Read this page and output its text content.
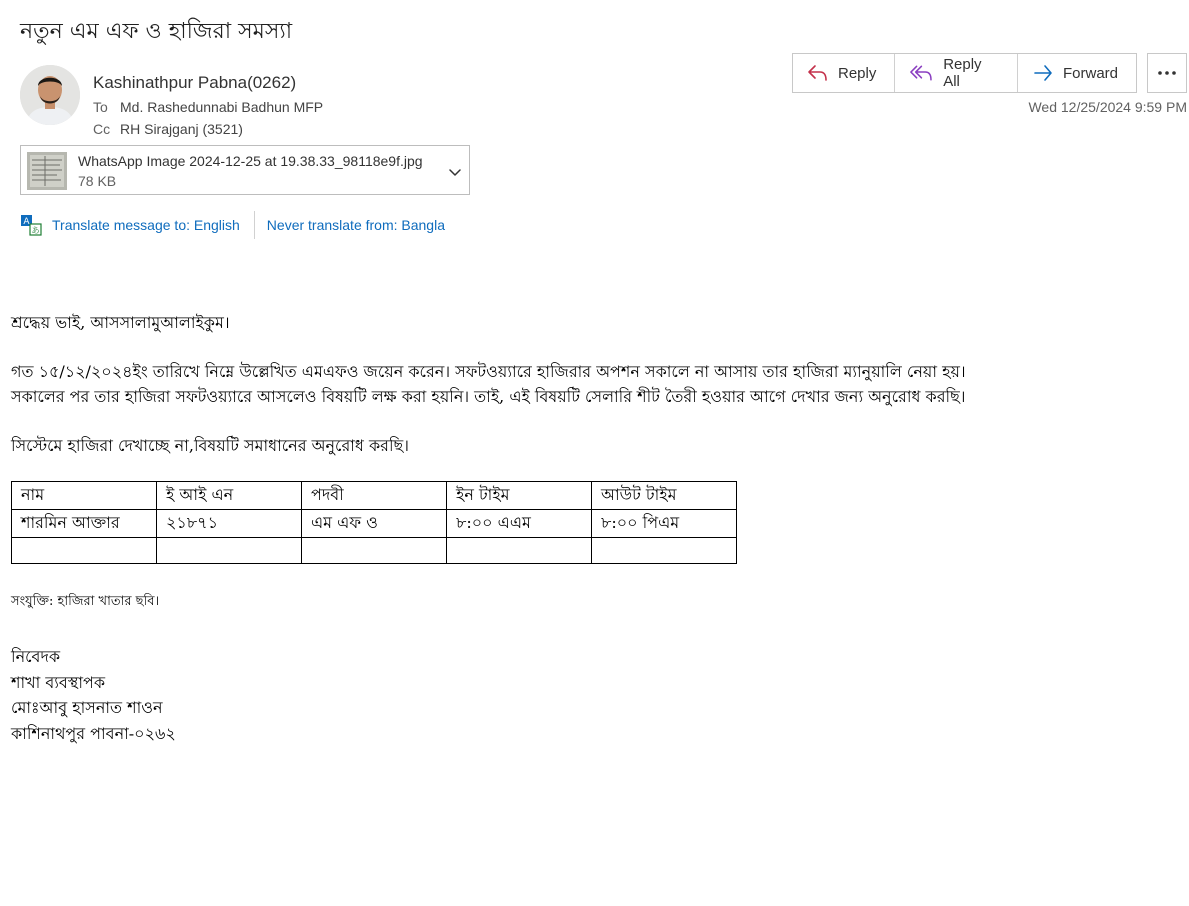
নতুন এম এফ ও হাজিরা সমস্যা
Kashinathpur Pabna(0262)
To Md. Rashedunnabi Badhun MFP
Cc RH Sirajganj (3521)
Reply	Reply All	Forward
Wed 12/25/2024 9:59 PM
WhatsApp Image 2024-12-25 at 19.38.33_98118e9f.jpg
78 KB
A
あ Translate message to: English Never translate from: Bangla
শ্রদ্ধেয় ভাই, আসসালামুআলাইকুম।
গত ১৫/১২/২০২৪ইং তারিখে নিম্নে উল্লেখিত এমএফও জয়েন করেন। সফটওয়্যারে হাজিরার অপশন সকালে না আসায় তার হাজিরা ম্যানুয়ালি নেয়া হয়।
সকালের পর তার হাজিরা সফটওয়্যারে আসলেও বিষয়টি লক্ষ করা হয়নি। তাই, এই বিষয়টি সেলারি শীট তৈরী হওয়ার আগে দেখার জন্য অনুরোধ করছি।
সিস্টেমে হাজিরা দেখাচ্ছে না,বিষয়টি সমাধানের অনুরোধ করছি।
নাম	ই আই এন	পদবী	ইন টাইম	আউট টাইম
শারমিন আক্তার	২১৮৭১	এম এফ ও	৮:০০ এএম	৮:০০ পিএম

সংযুক্তি: হাজিরা খাতার ছবি।
নিবেদক
শাখা ব্যবস্থাপক
মোঃআবু হাসনাত শাওন
কাশিনাথপুর পাবনা-০২৬২
